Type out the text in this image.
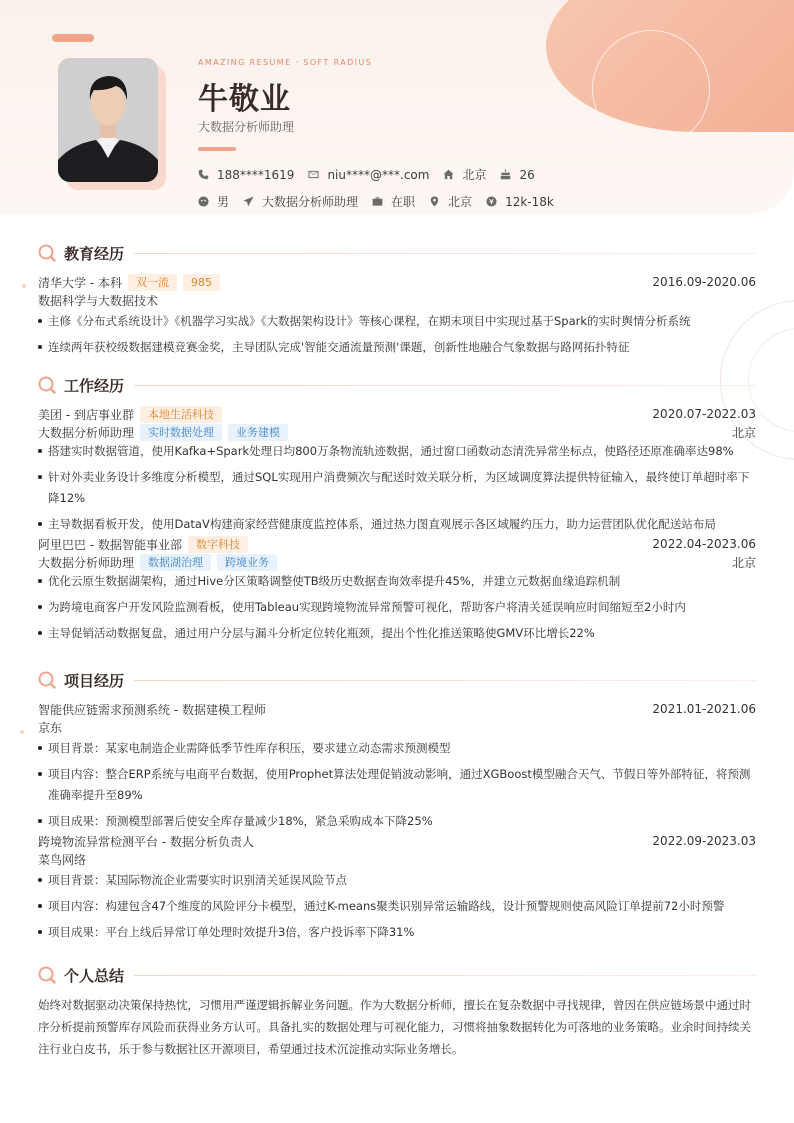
AMAZING RESUME · SOFT RADIUS
牛敬业
大数据分析师助理
188****1619	niu****@***.com	北京	26
男	大数据分析师助理	在职	北京	12k-18k
教育经历
清华大学 - 本科	双一流	985	2016.09-2020.06
数据科学与大数据技术
主修《分布式系统设计》《机器学习实战》《大数据架构设计》等核心课程，在期末项目中实现过基于Spark的实时舆情分析系统
连续两年获校级数据建模竞赛金奖，主导团队完成'智能交通流量预测'课题，创新性地融合气象数据与路网拓扑特征
工作经历
美团 - 到店事业群	本地生活科技	2020.07-2022.03
大数据分析师助理	实时数据处理	业务建模	北京
搭建实时数据管道，使用Kafka+Spark处理日均800万条物流轨迹数据，通过窗口函数动态清洗异常坐标点，使路径还原准确率达98%
针对外卖业务设计多维度分析模型，通过SQL实现用户消费频次与配送时效关联分析，为区域调度算法提供特征输入，最终使订单超时率下降12%
主导数据看板开发，使用DataV构建商家经营健康度监控体系，通过热力图直观展示各区域履约压力，助力运营团队优化配送站布局
阿里巴巴 - 数据智能事业部	数字科技	2022.04-2023.06
大数据分析师助理	数据湖治理	跨境业务	北京
优化云原生数据湖架构，通过Hive分区策略调整使TB级历史数据查询效率提升45%，并建立元数据血缘追踪机制
为跨境电商客户开发风险监测看板，使用Tableau实现跨境物流异常预警可视化，帮助客户将清关延误响应时间缩短至2小时内
主导促销活动数据复盘，通过用户分层与漏斗分析定位转化瓶颈，提出个性化推送策略使GMV环比增长22%
项目经历
智能供应链需求预测系统 - 数据建模工程师	2021.01-2021.06
京东
项目背景：某家电制造企业需降低季节性库存积压，要求建立动态需求预测模型
项目内容：整合ERP系统与电商平台数据，使用Prophet算法处理促销波动影响，通过XGBoost模型融合天气、节假日等外部特征，将预测准确率提升至89%
项目成果：预测模型部署后使安全库存量减少18%，紧急采购成本下降25%
跨境物流异常检测平台 - 数据分析负责人	2022.09-2023.03
菜鸟网络
项目背景：某国际物流企业需要实时识别清关延误风险节点
项目内容：构建包含47个维度的风险评分卡模型，通过K-means聚类识别异常运输路线，设计预警规则使高风险订单提前72小时预警
项目成果：平台上线后异常订单处理时效提升3倍，客户投诉率下降31%
个人总结

始终对数据驱动决策保持热忱，习惯用严谨逻辑拆解业务问题。作为大数据分析师，擅长在复杂数据中寻找规律，曾因在供应链场景中通过时序分析提前预警库存风险而获得业务方认可。具备扎实的数据处理与可视化能力，习惯将抽象数据转化为可落地的业务策略。业余时间持续关注行业白皮书，乐于参与数据社区开源项目，希望通过技术沉淀推动实际业务增长。
